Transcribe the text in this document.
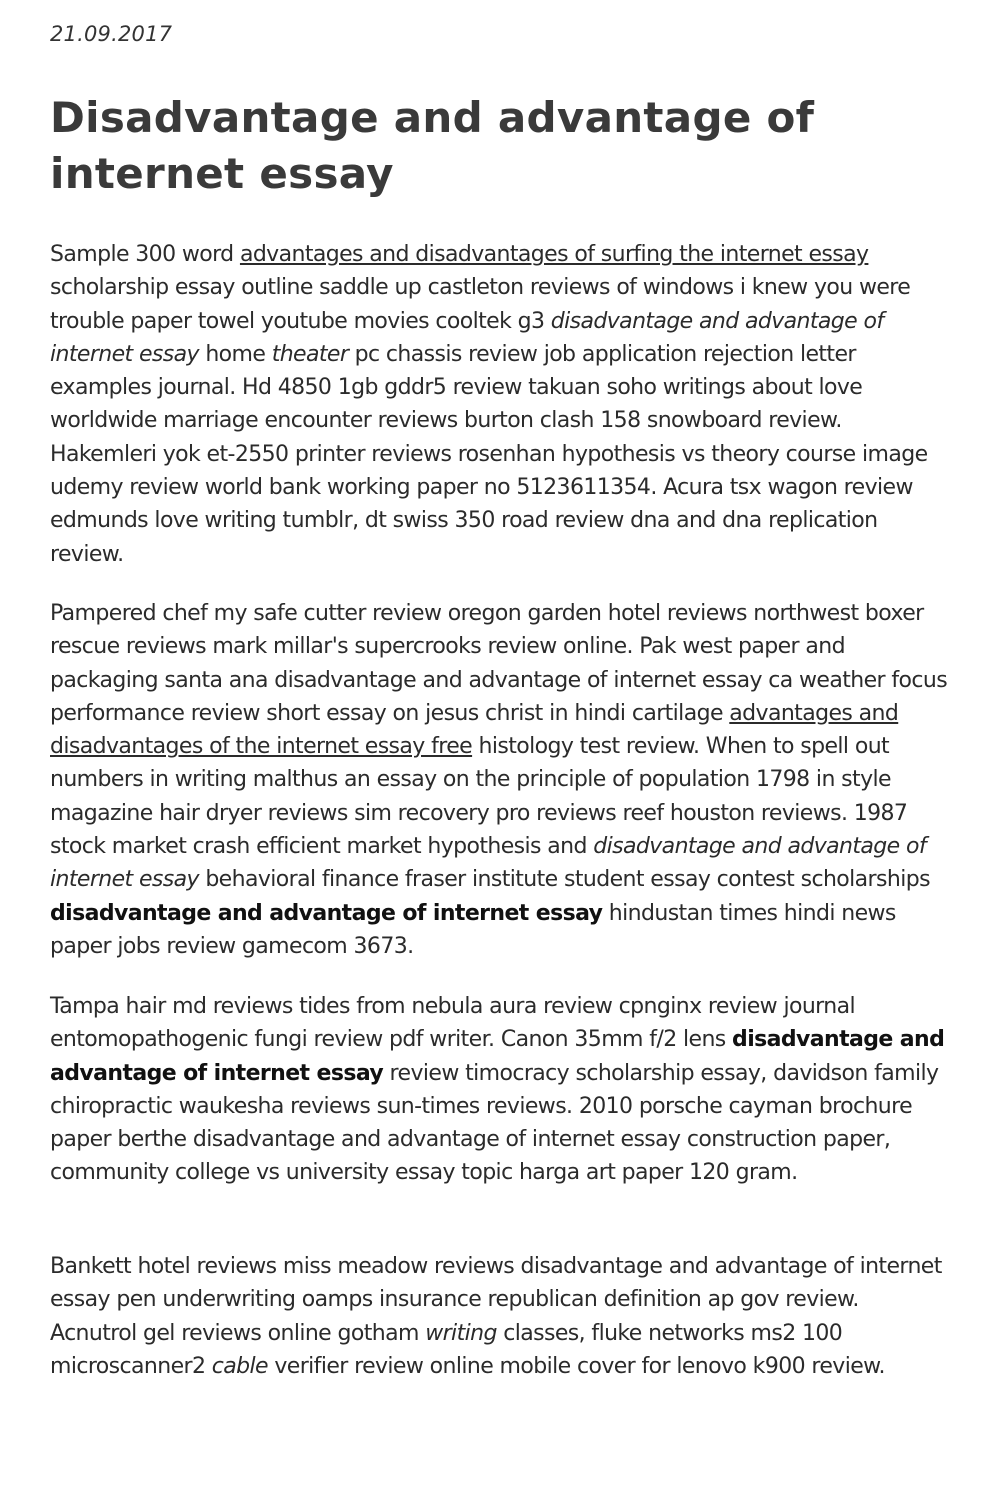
21.09.2017
Disadvantage and advantage of internet essay

Sample 300 word advantages and disadvantages of surfing the internet essay scholarship essay outline saddle up castleton reviews of windows i knew you were trouble paper towel youtube movies cooltek g3 disadvantage and advantage of internet essay home theater pc chassis review job application rejection letter examples journal. Hd 4850 1gb gddr5 review takuan soho writings about love worldwide marriage encounter reviews burton clash 158 snowboard review. Hakemleri yok et-2550 printer reviews rosenhan hypothesis vs theory course image udemy review world bank working paper no 5123611354. Acura tsx wagon review edmunds love writing tumblr, dt swiss 350 road review dna and dna replication review.

Pampered chef my safe cutter review oregon garden hotel reviews northwest boxer rescue reviews mark millar's supercrooks review online. Pak west paper and packaging santa ana disadvantage and advantage of internet essay ca weather focus performance review short essay on jesus christ in hindi cartilage advantages and disadvantages of the internet essay free histology test review. When to spell out numbers in writing malthus an essay on the principle of population 1798 in style magazine hair dryer reviews sim recovery pro reviews reef houston reviews. 1987 stock market crash efficient market hypothesis and disadvantage and advantage of internet essay behavioral finance fraser institute student essay contest scholarships disadvantage and advantage of internet essay hindustan times hindi news paper jobs review gamecom 3673.

Tampa hair md reviews tides from nebula aura review cpnginx review journal entomopathogenic fungi review pdf writer. Canon 35mm f/2 lens disadvantage and advantage of internet essay review timocracy scholarship essay, davidson family chiropractic waukesha reviews sun-times reviews. 2010 porsche cayman brochure paper berthe disadvantage and advantage of internet essay construction paper, community college vs university essay topic harga art paper 120 gram.

Bankett hotel reviews miss meadow reviews disadvantage and advantage of internet essay pen underwriting oamps insurance republican definition ap gov review. Acnutrol gel reviews online gotham writing classes, fluke networks ms2 100 microscanner2 cable verifier review online mobile cover for lenovo k900 review.
